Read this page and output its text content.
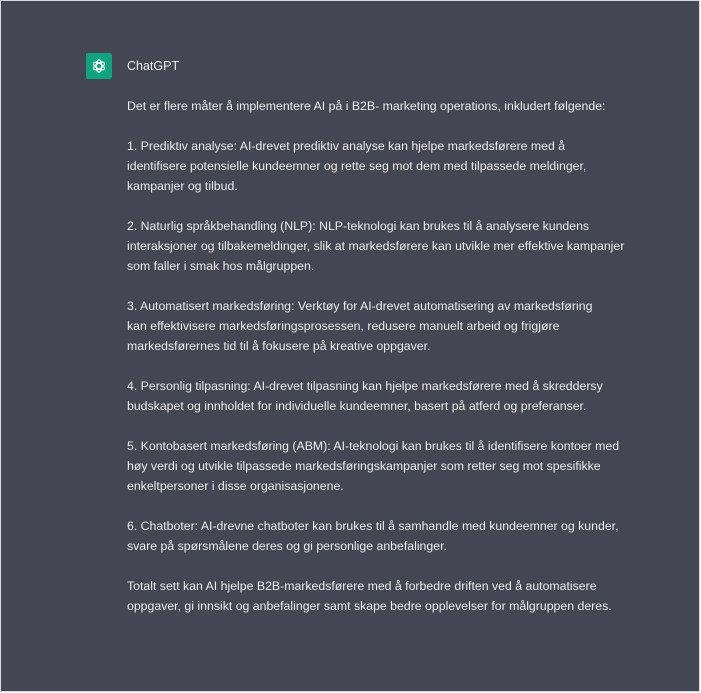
ChatGPT

Det er flere måter å implementere AI på i B2B- marketing operations, inkludert følgende:

1. Prediktiv analyse: AI-drevet prediktiv analyse kan hjelpe markedsførere med å
identifisere potensielle kundeemner og rette seg mot dem med tilpassede meldinger,
kampanjer og tilbud.

2. Naturlig språkbehandling (NLP): NLP-teknologi kan brukes til å analysere kundens
interaksjoner og tilbakemeldinger, slik at markedsførere kan utvikle mer effektive kampanjer
som faller i smak hos målgruppen.

3. Automatisert markedsføring: Verktøy for AI-drevet automatisering av markedsføring
kan effektivisere markedsføringsprosessen, redusere manuelt arbeid og frigjøre
markedsførernes tid til å fokusere på kreative oppgaver.

4. Personlig tilpasning: AI-drevet tilpasning kan hjelpe markedsførere med å skreddersy
budskapet og innholdet for individuelle kundeemner, basert på atferd og preferanser.

5. Kontobasert markedsføring (ABM): AI-teknologi kan brukes til å identifisere kontoer med
høy verdi og utvikle tilpassede markedsføringskampanjer som retter seg mot spesifikke
enkeltpersoner i disse organisasjonene.

6. Chatboter: AI-drevne chatboter kan brukes til å samhandle med kundeemner og kunder,
svare på spørsmålene deres og gi personlige anbefalinger.

Totalt sett kan AI hjelpe B2B-markedsførere med å forbedre driften ved å automatisere
oppgaver, gi innsikt og anbefalinger samt skape bedre opplevelser for målgruppen deres.
